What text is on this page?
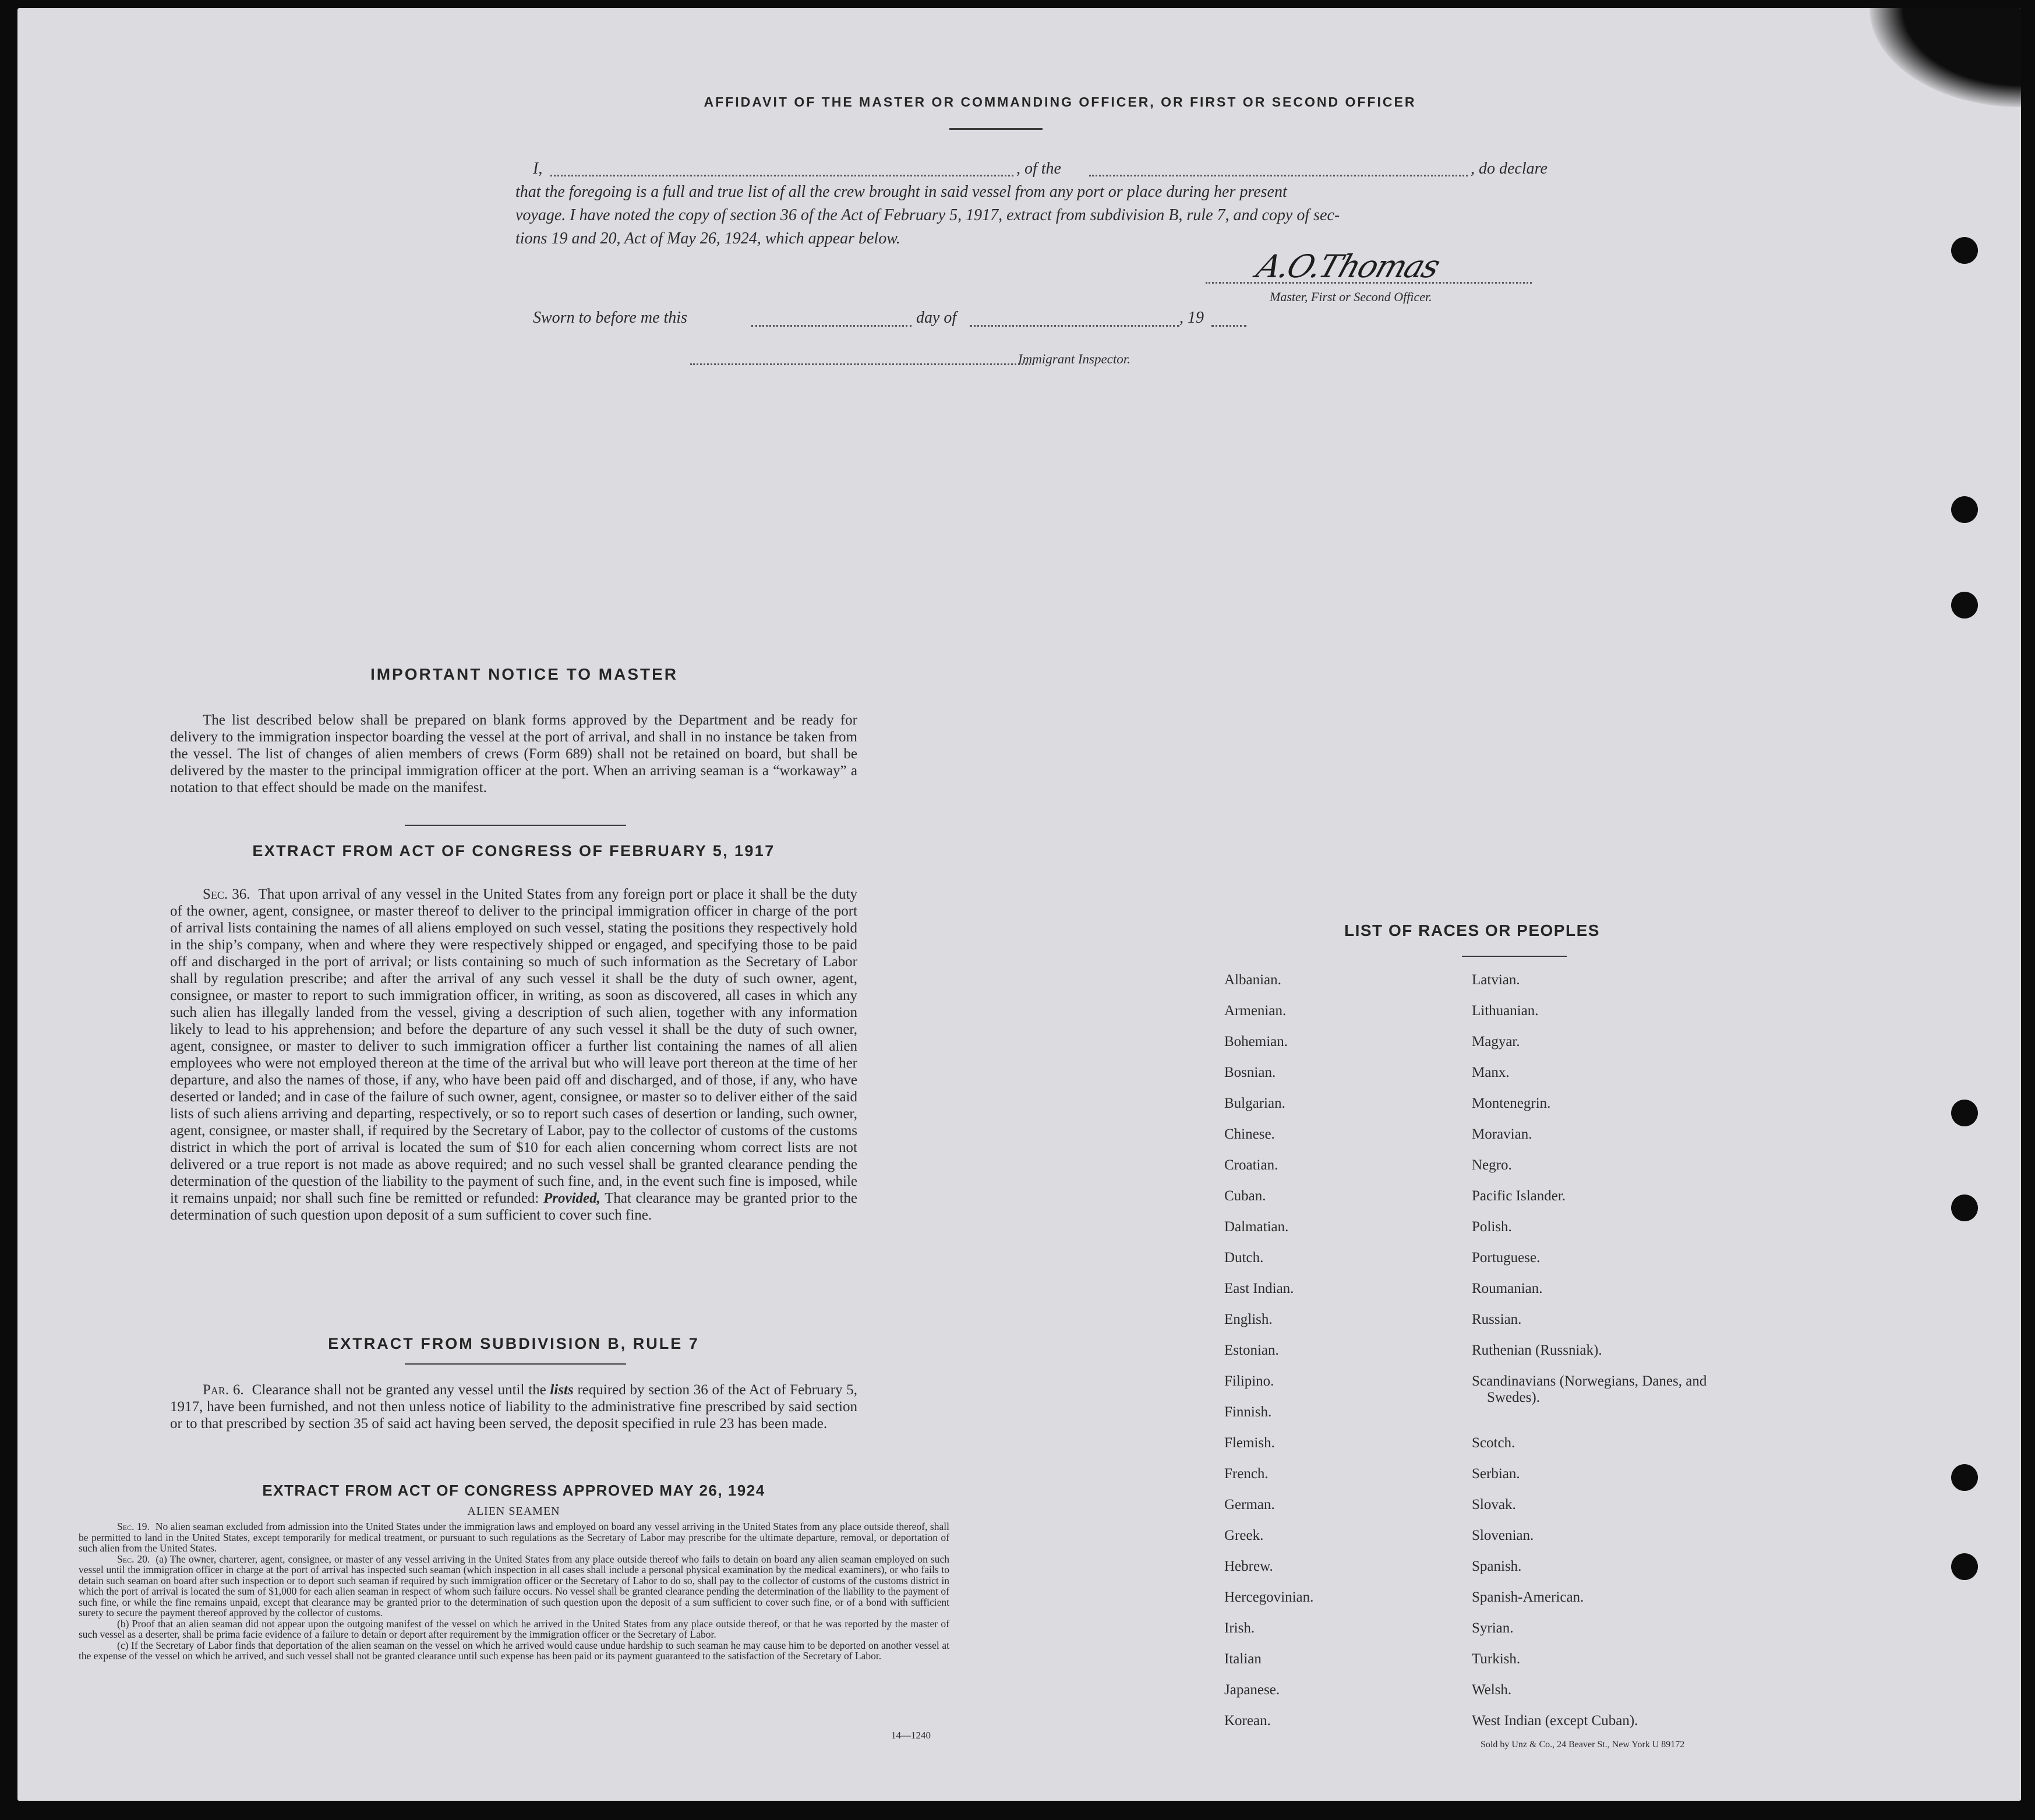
AFFIDAVIT OF THE MASTER OR COMMANDING OFFICER, OR FIRST OR SECOND OFFICER
I,	, of the	, do declare
that the foregoing is a full and true list of all the crew brought in said vessel from any port or place during her present
voyage. I have noted the copy of section 36 of the Act of February 5, 1917, extract from subdivision B, rule 7, and copy of sec-
tions 19 and 20, Act of May 26, 1924, which appear below.
A.O.Thomas
Master, First or Second Officer.
Sworn to before me this	day of	, 19
Immigrant Inspector.
IMPORTANT NOTICE TO MASTER
The list described below shall be prepared on blank forms approved by the Department and be ready for delivery to the immigration inspector boarding the vessel at the port of arrival, and shall in no instance be taken from the vessel. The list of changes of alien members of crews (Form 689) shall not be retained on board, but shall be delivered by the master to the principal immigration officer at the port. When an arriving seaman is a “workaway” a notation to that effect should be made on the manifest.
EXTRACT FROM ACT OF CONGRESS OF FEBRUARY 5, 1917
Sec. 36. That upon arrival of any vessel in the United States from any foreign port or place it shall be the duty of the owner, agent, consignee, or master thereof to deliver to the principal immigration officer in charge of the port of arrival lists containing the names of all aliens employed on such vessel, stating the positions they respectively hold in the ship’s company, when and where they were respectively shipped or engaged, and specifying those to be paid off and discharged in the port of arrival; or lists containing so much of such information as the Secretary of Labor shall by regulation prescribe; and after the arrival of any such vessel it shall be the duty of such owner, agent, consignee, or master to report to such immigration officer, in writing, as soon as discovered, all cases in which any such alien has illegally landed from the vessel, giving a description of such alien, together with any information likely to lead to his apprehension; and before the departure of any such vessel it shall be the duty of such owner, agent, consignee, or master to deliver to such immigration officer a further list containing the names of all alien employees who were not employed thereon at the time of the arrival but who will leave port thereon at the time of her departure, and also the names of those, if any, who have been paid off and discharged, and of those, if any, who have deserted or landed; and in case of the failure of such owner, agent, consignee, or master so to deliver either of the said lists of such aliens arriving and departing, respectively, or so to report such cases of desertion or landing, such owner, agent, consignee, or master shall, if required by the Secretary of Labor, pay to the collector of customs of the customs district in which the port of arrival is located the sum of $10 for each alien concerning whom correct lists are not delivered or a true report is not made as above required; and no such vessel shall be granted clearance pending the determination of the question of the liability to the payment of such fine, and, in the event such fine is imposed, while it remains unpaid; nor shall such fine be remitted or refunded: Provided, That clearance may be granted prior to the determination of such question upon deposit of a sum sufficient to cover such fine.
EXTRACT FROM SUBDIVISION B, RULE 7
Par. 6. Clearance shall not be granted any vessel until the lists required by section 36 of the Act of February 5, 1917, have been furnished, and not then unless notice of liability to the administrative fine prescribed by said section or to that prescribed by section 35 of said act having been served, the deposit specified in rule 23 has been made.
EXTRACT FROM ACT OF CONGRESS APPROVED MAY 26, 1924
ALIEN SEAMEN
Sec. 19. No alien seaman excluded from admission into the United States under the immigration laws and employed on board any vessel arriving in the United States from any place outside thereof, shall be permitted to land in the United States, except temporarily for medical treatment, or pursuant to such regulations as the Secretary of Labor may prescribe for the ultimate departure, removal, or deportation of such alien from the United States.
Sec. 20. (a) The owner, charterer, agent, consignee, or master of any vessel arriving in the United States from any place outside thereof who fails to detain on board any alien seaman employed on such vessel until the immigration officer in charge at the port of arrival has inspected such seaman (which inspection in all cases shall include a personal physical examination by the medical examiners), or who fails to detain such seaman on board after such inspection or to deport such seaman if required by such immigration officer or the Secretary of Labor to do so, shall pay to the collector of customs of the customs district in which the port of arrival is located the sum of $1,000 for each alien seaman in respect of whom such failure occurs. No vessel shall be granted clearance pending the determination of the liability to the payment of such fine, or while the fine remains unpaid, except that clearance may be granted prior to the determination of such question upon the deposit of a sum sufficient to cover such fine, or of a bond with sufficient surety to secure the payment thereof approved by the collector of customs.
(b) Proof that an alien seaman did not appear upon the outgoing manifest of the vessel on which he arrived in the United States from any place outside thereof, or that he was reported by the master of such vessel as a deserter, shall be prima facie evidence of a failure to detain or deport after requirement by the immigration officer or the Secretary of Labor.
(c) If the Secretary of Labor finds that deportation of the alien seaman on the vessel on which he arrived would cause undue hardship to such seaman he may cause him to be deported on another vessel at the expense of the vessel on which he arrived, and such vessel shall not be granted clearance until such expense has been paid or its payment guaranteed to the satisfaction of the Secretary of Labor.
14—1240
LIST OF RACES OR PEOPLES
Albanian.
Armenian.
Bohemian.
Bosnian.
Bulgarian.
Chinese.
Croatian.
Cuban.
Dalmatian.
Dutch.
East Indian.
English.
Estonian.
Filipino.
Finnish.
Flemish.
French.
German.
Greek.
Hebrew.
Hercegovinian.
Irish.
Italian
Japanese.
Korean.
Latvian.
Lithuanian.
Magyar.
Manx.
Montenegrin.
Moravian.
Negro.
Pacific Islander.
Polish.
Portuguese.
Roumanian.
Russian.
Ruthenian (Russniak).
Scandinavians (Norwegians, Danes, and Swedes).
Scotch.
Serbian.
Slovak.
Slovenian.
Spanish.
Spanish-American.
Syrian.
Turkish.
Welsh.
West Indian (except Cuban).
Sold by Unz & Co., 24 Beaver St., New York U 89172
